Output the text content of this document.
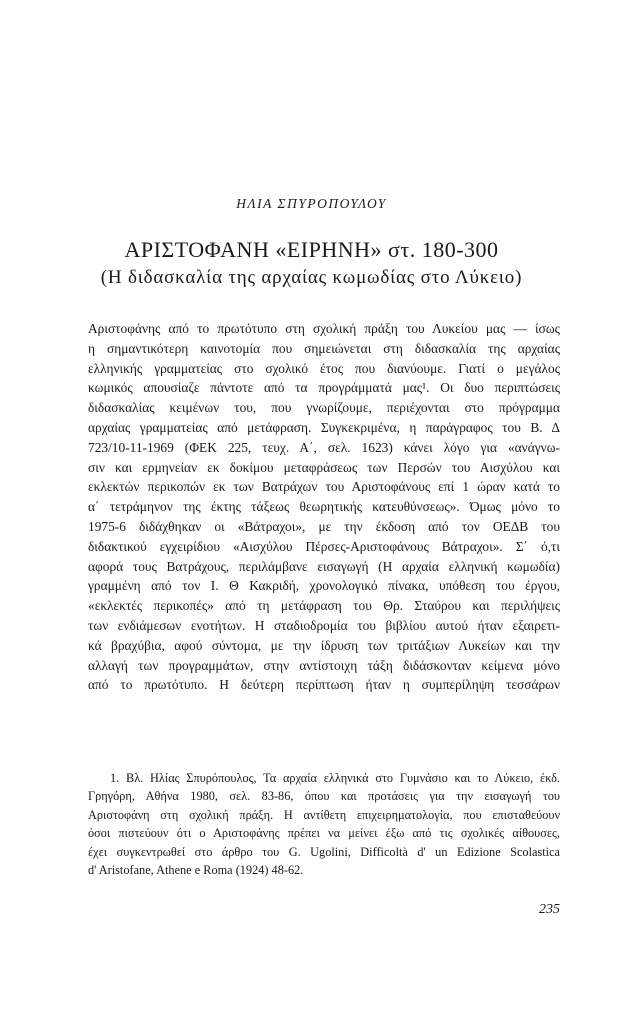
ΗΛΙΑ ΣΠΥΡΟΠΟΥΛΟΥ
ΑΡΙΣΤΟΦΑΝΗ «ΕΙΡΗΝΗ» στ. 180-300
(Η διδασκαλία της αρχαίας κωμωδίας στο Λύκειο)
Αριστοφάνης από το πρωτότυπο στη σχολική πράξη του Λυκείου μας — ίσως
η σημαντικότερη καινοτομία που σημειώνεται στη διδασκαλία της αρχαίας
ελληνικής γραμματείας στο σχολικό έτος που διανύουμε. Γιατί ο μεγάλος
κωμικός απουσίαζε πάντοτε από τα προγράμματά μας¹. Οι δυο περιπτώσεις
διδασκαλίας κειμένων του, που γνωρίζουμε, περιέχονται στο πρόγραμμα
αρχαίας γραμματείας από μετάφραση. Συγκεκριμένα, η παράγραφος του Β. Δ
723/10-11-1969 (ΦΕΚ 225, τευχ. Α΄, σελ. 1623) κάνει λόγο για «ανάγνω-
σιν και ερμηνείαν εκ δοκίμου μεταφράσεως των Περσών του Αισχύλου και
εκλεκτών περικοπών εκ των Βατράχων του Αριστοφάνους επί 1 ώραν κατά το
α΄ τετράμηνον της έκτης τάξεως θεωρητικής κατευθύνσεως». Όμως μόνο το
1975-6 διδάχθηκαν οι «Βάτραχοι», με την έκδοση από τον ΟΕΔΒ του
διδακτικού εγχειρίδιου «Αισχύλου Πέρσες-Αριστοφάνους Βάτραχοι». Σ΄ ό,τι
αφορά τους Βατράχους, περιλάμβανε εισαγωγή (Η αρχαία ελληνική κωμωδία)
γραμμένη από τον Ι. Θ Κακριδή, χρονολογικό πίνακα, υπόθεση του έργου,
«εκλεκτές περικοπές» από τη μετάφραση του Θρ. Σταύρου και περιλήψεις
των ενδιάμεσων ενοτήτων. Η σταδιοδρομία του βιβλίου αυτού ήταν εξαιρετι-
κά βραχύβια, αφού σύντομα, με την ίδρυση των τριτάξιων Λυκείων και την
αλλαγή των προγραμμάτων, στην αντίστοιχη τάξη διδάσκονταν κείμενα μόνο
από το πρωτότυπο. Η δεύτερη περίπτωση ήταν η συμπερίληψη τεσσάρων
1. Βλ. Ηλίας Σπυρόπουλος, Τα αρχαία ελληνικά στο Γυμνάσιο και το Λύκειο, έκδ.
Γρηγόρη, Αθήνα 1980, σελ. 83-86, όπου και προτάσεις για την εισαγωγή του
Αριστοφάνη στη σχολική πράξη. Η αντίθετη επιχειρηματολογία, που επισταθεύουν
όσοι πιστεύουν ότι ο Αριστοφάνης πρέπει να μείνει έξω από τις σχολικές αίθουσες,
έχει συγκεντρωθεί στο άρθρο του G. Ugolini, Difficoltà d' un Edizione Scolastica
d' Aristofane, Athene e Roma (1924) 48-62.
235
